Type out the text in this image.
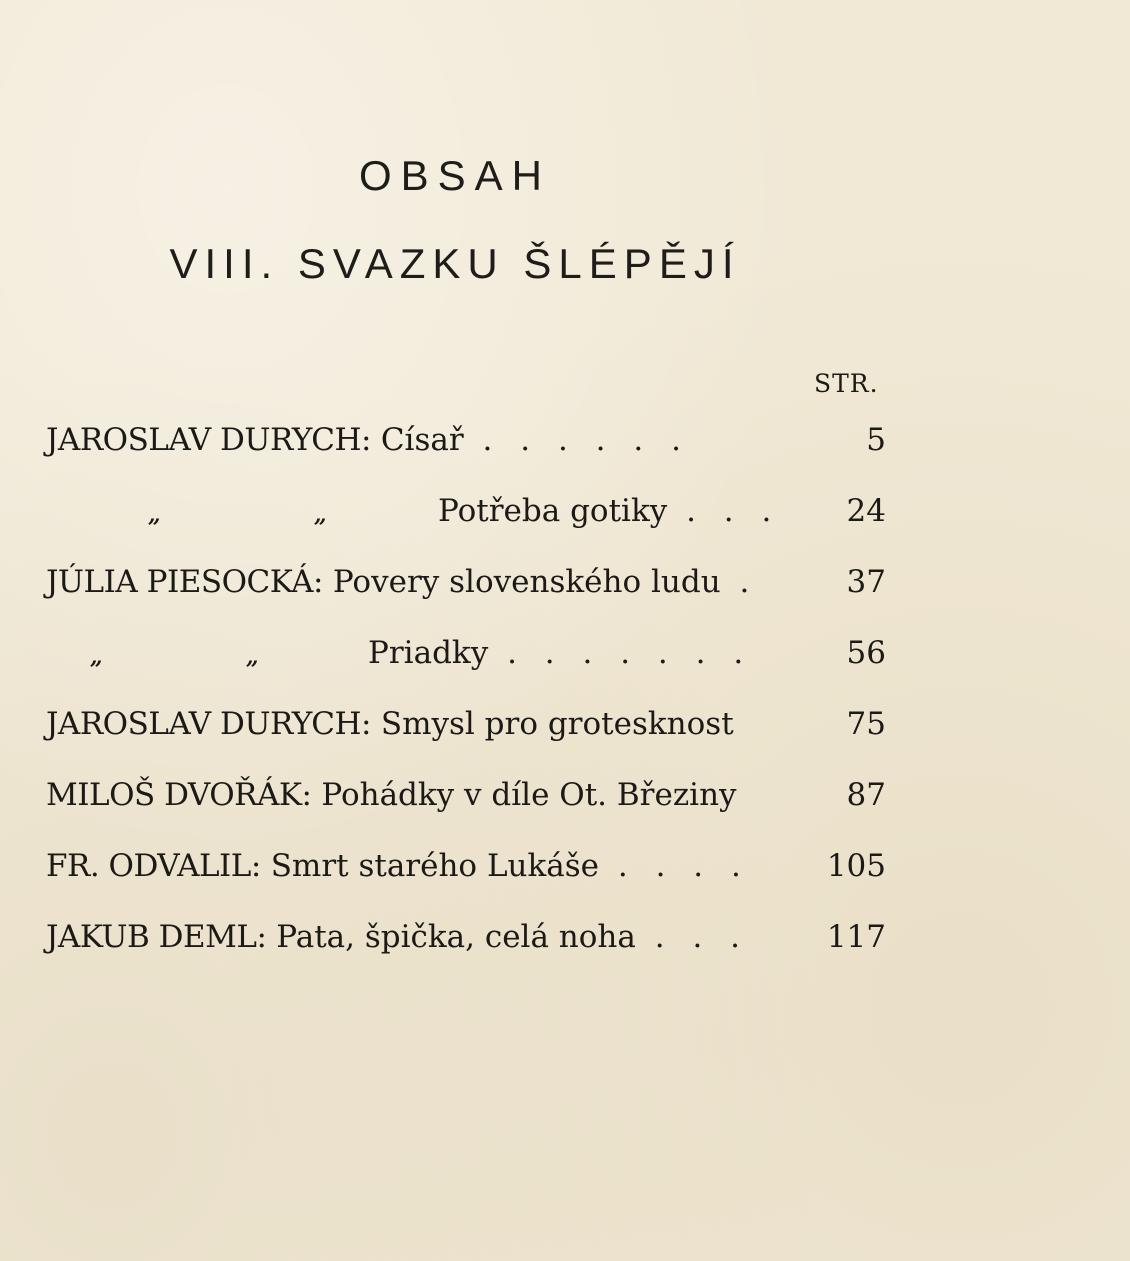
OBSAH
VIII. SVAZKU ŠLÉPĚJÍ
STR.
JAROSLAV DURYCH: Císař . . . . . .	5
„	„	Potřeba gotiky . . . 24
JÚLIA PIESOCKÁ: Povery slovenského ludu .	37
„	„	Priadky . . . . . . .	56
JAROSLAV DURYCH: Smysl pro grotesknost	75
MILOŠ DVOŘÁK: Pohádky v díle Ot. Březiny	87
FR. ODVALIL: Smrt starého Lukáše . . . . 105
JAKUB DEML: Pata, špička, celá noha . . .	117
